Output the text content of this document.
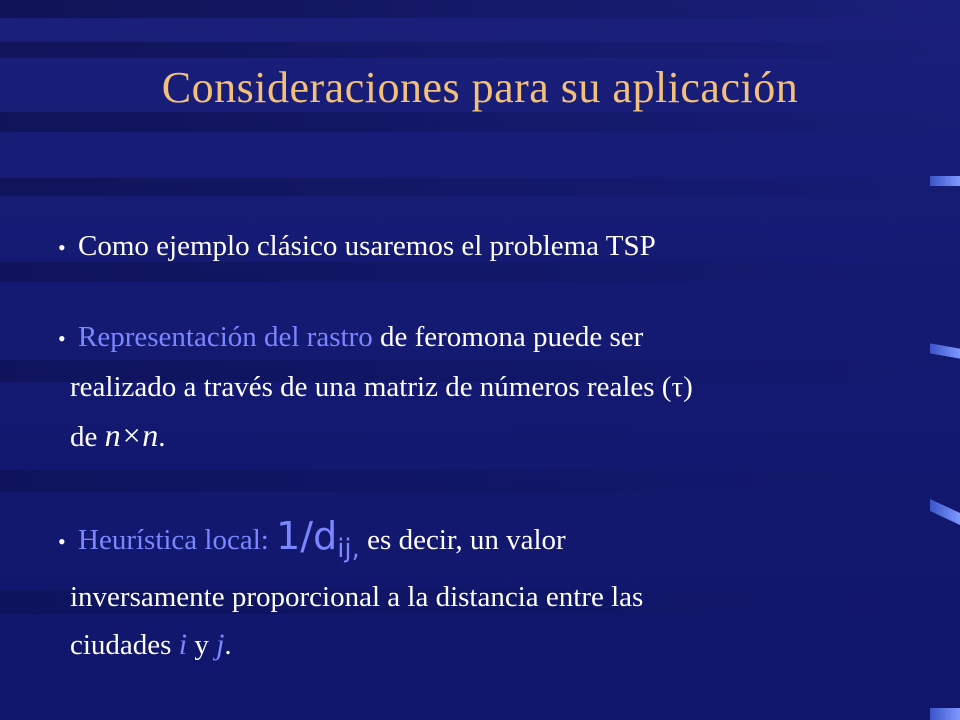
Consideraciones para su aplicación
• Como ejemplo clásico usaremos el problema TSP
• Representación del rastro de feromona puede ser
realizado a través de una matriz de números reales (τ)
de n×n.
• Heurística local: 1/dij, es decir, un valor
inversamente proporcional a la distancia entre las
ciudades i y j.
